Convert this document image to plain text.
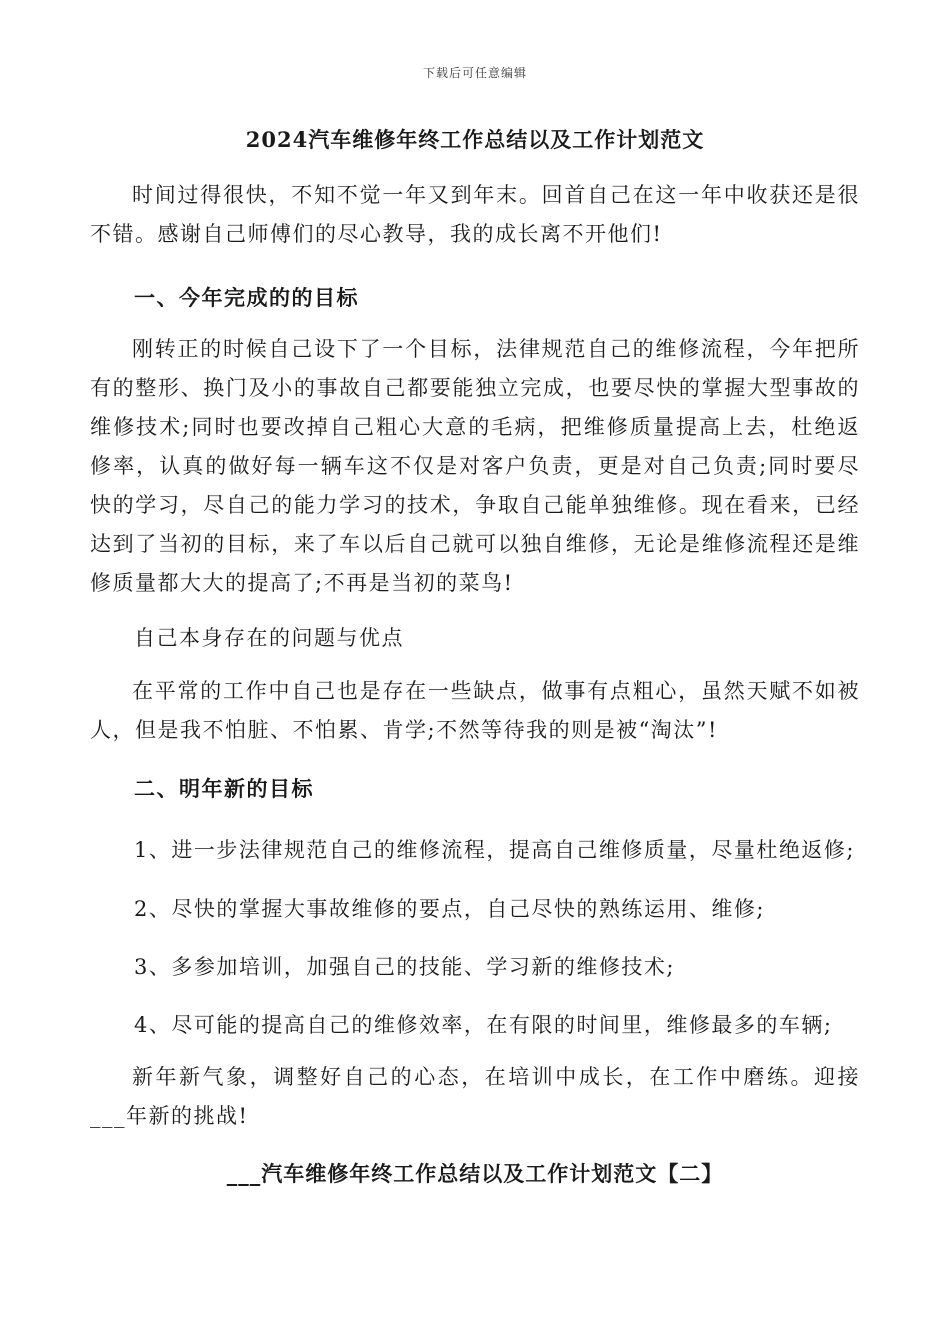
下载后可任意编辑
2024汽车维修年终工作总结以及工作计划范文
时间过得很快，不知不觉一年又到年末。回首自己在这一年中收获还是很不错。感谢自己师傅们的尽心教导，我的成长离不开他们!
一、今年完成的的目标
刚转正的时候自己设下了一个目标，法律规范自己的维修流程，今年把所有的整形、换门及小的事故自己都要能独立完成，也要尽快的掌握大型事故的维修技术;同时也要改掉自己粗心大意的毛病，把维修质量提高上去，杜绝返修率，认真的做好每一辆车这不仅是对客户负责，更是对自己负责;同时要尽快的学习，尽自己的能力学习的技术，争取自己能单独维修。现在看来，已经达到了当初的目标，来了车以后自己就可以独自维修，无论是维修流程还是维修质量都大大的提高了;不再是当初的菜鸟!
自己本身存在的问题与优点
在平常的工作中自己也是存在一些缺点，做事有点粗心，虽然天赋不如被人，但是我不怕脏、不怕累、肯学;不然等待我的则是被“淘汰”!
二、明年新的目标
1、进一步法律规范自己的维修流程，提高自己维修质量，尽量杜绝返修;
2、尽快的掌握大事故维修的要点，自己尽快的熟练运用、维修;
3、多参加培训，加强自己的技能、学习新的维修技术;
4、尽可能的提高自己的维修效率，在有限的时间里，维修最多的车辆;
新年新气象，调整好自己的心态，在培训中成长，在工作中磨练。迎接___年新的挑战!
___汽车维修年终工作总结以及工作计划范文【二】
